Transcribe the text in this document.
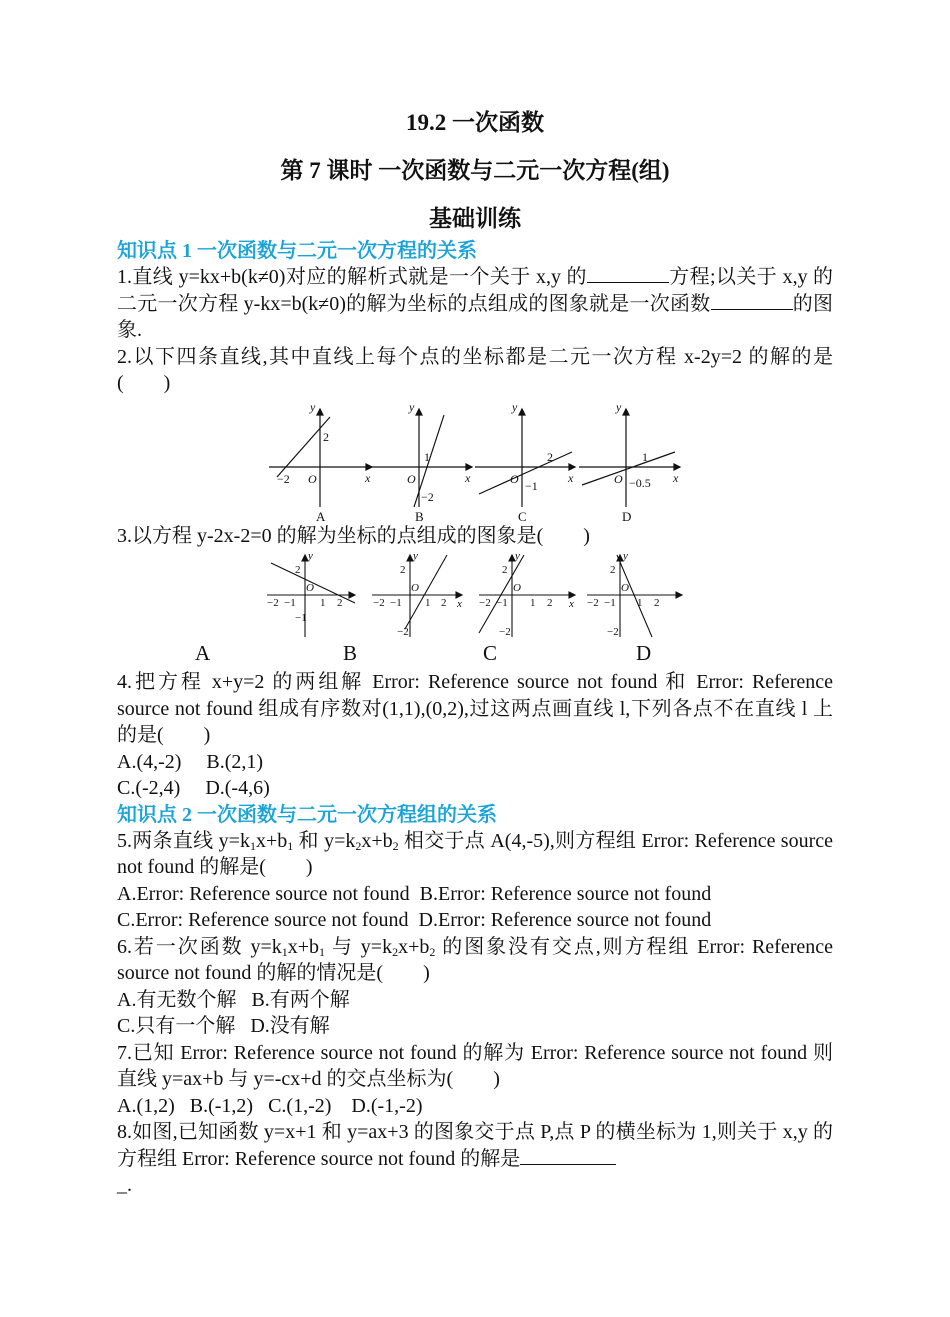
19.2 一次函数
第 7 课时 一次函数与二元一次方程(组)
基础训练
知识点 1 一次函数与二元一次方程的关系
1.直线 y=kx+b(k≠0)对应的解析式就是一个关于 x,y 的	方程;以关于 x,y 的二元一次方程 y-kx=b(k≠0)的解为坐标的点组成的图象就是一次函数	的图象.
2.以下四条直线,其中直线上每个点的坐标都是二元一次方程 x-2y=2 的解的是(　　)
y
x
O
y
x
O
y
x
O
y
x
O
−2
2
1
−2
2
−1
1
−0.5
A	B	C	D
3.以方程 y-2x-2=0 的解为坐标的点组成的图象是(　　)
y
O
−2 −1 1 2
2
−1
y
x
O
−2 −1 1 2
2
−2
y
x
O
−2 −1 1 2
2
−2
y
O
−2 −1 1 2
2
−2
A	B	C	D
4.把方程 x+y=2 的两组解 Error: Reference source not found 和 Error: Reference source not found 组成有序数对(1,1),(0,2),过这两点画直线 l,下列各点不在直线 l 上的是(　　)
A.(4,-2)     B.(2,1)
C.(-2,4)     D.(-4,6)
知识点 2 一次函数与二元一次方程组的关系
5.两条直线 $y=k_1x+b_1$ 和 $y=k_2x+b_2$ 相交于点 A(4,-5),则方程组 Error: Reference source not found 的解是(　　)
A.Error: Reference source not found  B.Error: Reference source not found
C.Error: Reference source not found  D.Error: Reference source not found
6.若一次函数 $y=k_1x+b_1$ 与 $y=k_2x+b_2$ 的图象没有交点,则方程组 Error: Reference source not found 的解的情况是(　　)
A.有无数个解   B.有两个解
C.只有一个解   D.没有解
7.已知 Error: Reference source not found 的解为 Error: Reference source not found 则直线 y=ax+b 与 y=-cx+d 的交点坐标为(　　)
A.(1,2)   B.(-1,2)   C.(1,-2)    D.(-1,-2)
8.如图,已知函数 y=x+1 和 y=ax+3 的图象交于点 P,点 P 的横坐标为 1,则关于 x,y 的方程组 Error: Reference source not found 的解是
_.
